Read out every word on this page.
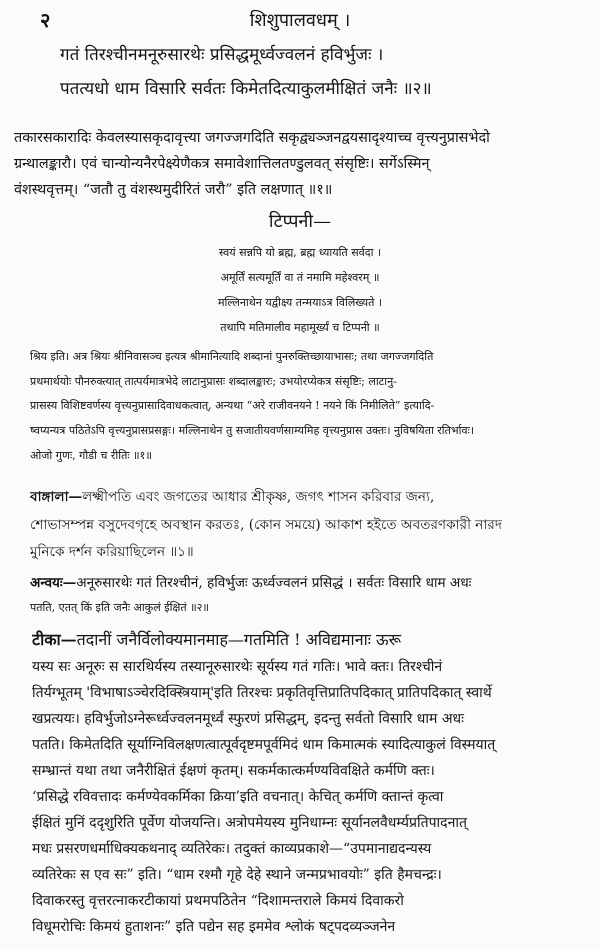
२	शिशुपालवधम् ।
गतं तिरश्चीनमनूरुसारथेः प्रसिद्धमूर्ध्वज्वलनं हविर्भुजः ।
पतत्यधो धाम विसारि सर्वतः किमेतदित्याकुलमीक्षितं जनैः ॥२॥
तकारसकारादिः केवलस्यासकृदावृत्त्या जगज्जगदिति सकृद्व्यञ्जनद्वयसादृश्याच्च वृत्त्यनुप्रासभेदो
ग्रन्थालङ्कारौ। एवं चान्योन्यनैरपेक्ष्येणैकत्र समावेशात्तिलतण्डुलवत् संसृष्टिः। सर्गेऽस्मिन्
वंशस्थवृत्तम्। “जतौ तु वंशस्थमुदीरितं जरौ” इति लक्षणात् ॥१॥
टिप्पनी—
स्वयं सन्नपि यो ब्रह्म, ब्रह्म ध्यायति सर्वदा ।
अमूर्तिं सत्यमूर्तिं वा तं नमामि महेश्वरम् ॥
मल्लिनाथेन यद्वीक्ष्य तन्मयाऽत्र विलिख्यते ।
तथापि मतिमालीव महामूर्ख्यं च टिप्पनी ॥
श्रिय इति। अत्र श्रियः श्रीनिवासञ्च इत्यत्र श्रीमानित्यादि शब्दानां पुनरुक्तिच्छायाभासः; तथा जगज्जगदिति
प्रथमार्थयोः पौनरुक्त्यात् तात्पर्यमात्रभेदे लाटानुप्रासः शब्दालङ्कारः; उभयोरप्येकत्र संसृष्टिः; लाटानु-
प्रासस्य विशिष्टवर्णस्य वृत्त्यनुप्रासादिवाधकत्वात्, अन्यथा “अरे राजीवनयने ! नयने किं निमीलिते” इत्यादि-
ष्वप्यन्यत्र पठितेऽपि वृत्त्यनुप्रासप्रसङ्गः। मल्लिनाथेन तु सजातीयवर्णसाम्यमिह वृत्त्यनुप्रास उक्तः। नुविषयिता रतिर्भावः।
ओजो गुणः, गौडी च रीतिः ॥१॥
বাঙ্গালা—লক্ষ্মীপতি এবং জগতের আধার শ্রীকৃষ্ণ, জগৎ শাসন করিবার জন্য,
শোভাসম্পন্ন বসুদেবগৃহে অবস্থান করতঃ, (কোন সময়ে) আকাশ হইতে অবতরণকারী নারদ
মুনিকে দর্শন করিয়াছিলেন ॥১॥
अन्वयः—अनूरुसारथेः गतं तिरश्चीनं, हविर्भुजः ऊर्ध्वज्वलनं प्रसिद्धं । सर्वतः विसारि धाम अधः
पतति, एतत् किं इति जनैः आकुलं ईक्षितं ॥२॥
टीका—तदानीं जनैर्विलोक्यमानमाह—गतमिति ! अविद्यमानाः ऊरू
यस्य सः अनूरुः स सारथिर्यस्य तस्यानूरुसारथेः सूर्यस्य गतं गतिः। भावे क्तः। तिरश्चीनं
तिर्यग्भूतम् 'विभाषाऽञ्चेरदिक्स्त्रियाम्'इति तिरश्चः प्रकृतिवृत्तिप्रातिपदिकात् प्रातिपदिकात् स्वार्थे
खप्रत्ययः। हविर्भुजोऽग्नेरूर्ध्वज्वलनमूर्ध्वं स्फुरणं प्रसिद्धम्, इदन्तु सर्वतो विसारि धाम अधः
पतति। किमेतदिति सूर्याग्निविलक्षणत्वात्पूर्वदृष्टमपूर्वमिदं धाम किमात्मकं स्यादित्याकुलं विस्मयात्
सम्भ्रान्तं यथा तथा जनैरीक्षितं ईक्षणं कृतम्। सकर्मकात्कर्मण्यविवक्षिते कर्मणि क्तः।
‘प्रसिद्धे रविवत्तादः कर्मण्येवकर्मिका क्रिया’इति वचनात्। केचित् कर्मणि क्तान्तं कृत्वा
ईक्षितं मुनिं ददृशुरिति पूर्वेण योजयन्ति। अत्रोपमेयस्य मुनिधाम्नः सूर्यानलवैधर्म्यप्रतिपादनात्
मधः प्रसरणधर्माधिक्यकथनाद् व्यतिरेकः। तदुक्तं काव्यप्रकाशे—“उपमानाद्यदन्यस्य
व्यतिरेकः स एव सः” इति। “धाम रश्मौ गृहे देहे स्थाने जन्मप्रभावयोः” इति हैमचन्द्रः।
दिवाकरस्तु वृत्तरत्नाकरटीकायां प्रथमपठितेन “दिशामन्तराले किमयं दिवाकरो
विधूमरोचिः किमयं हुताशनः” इति पद्येन सह इममेव श्लोकं षट्पदव्यञ्जनेन
